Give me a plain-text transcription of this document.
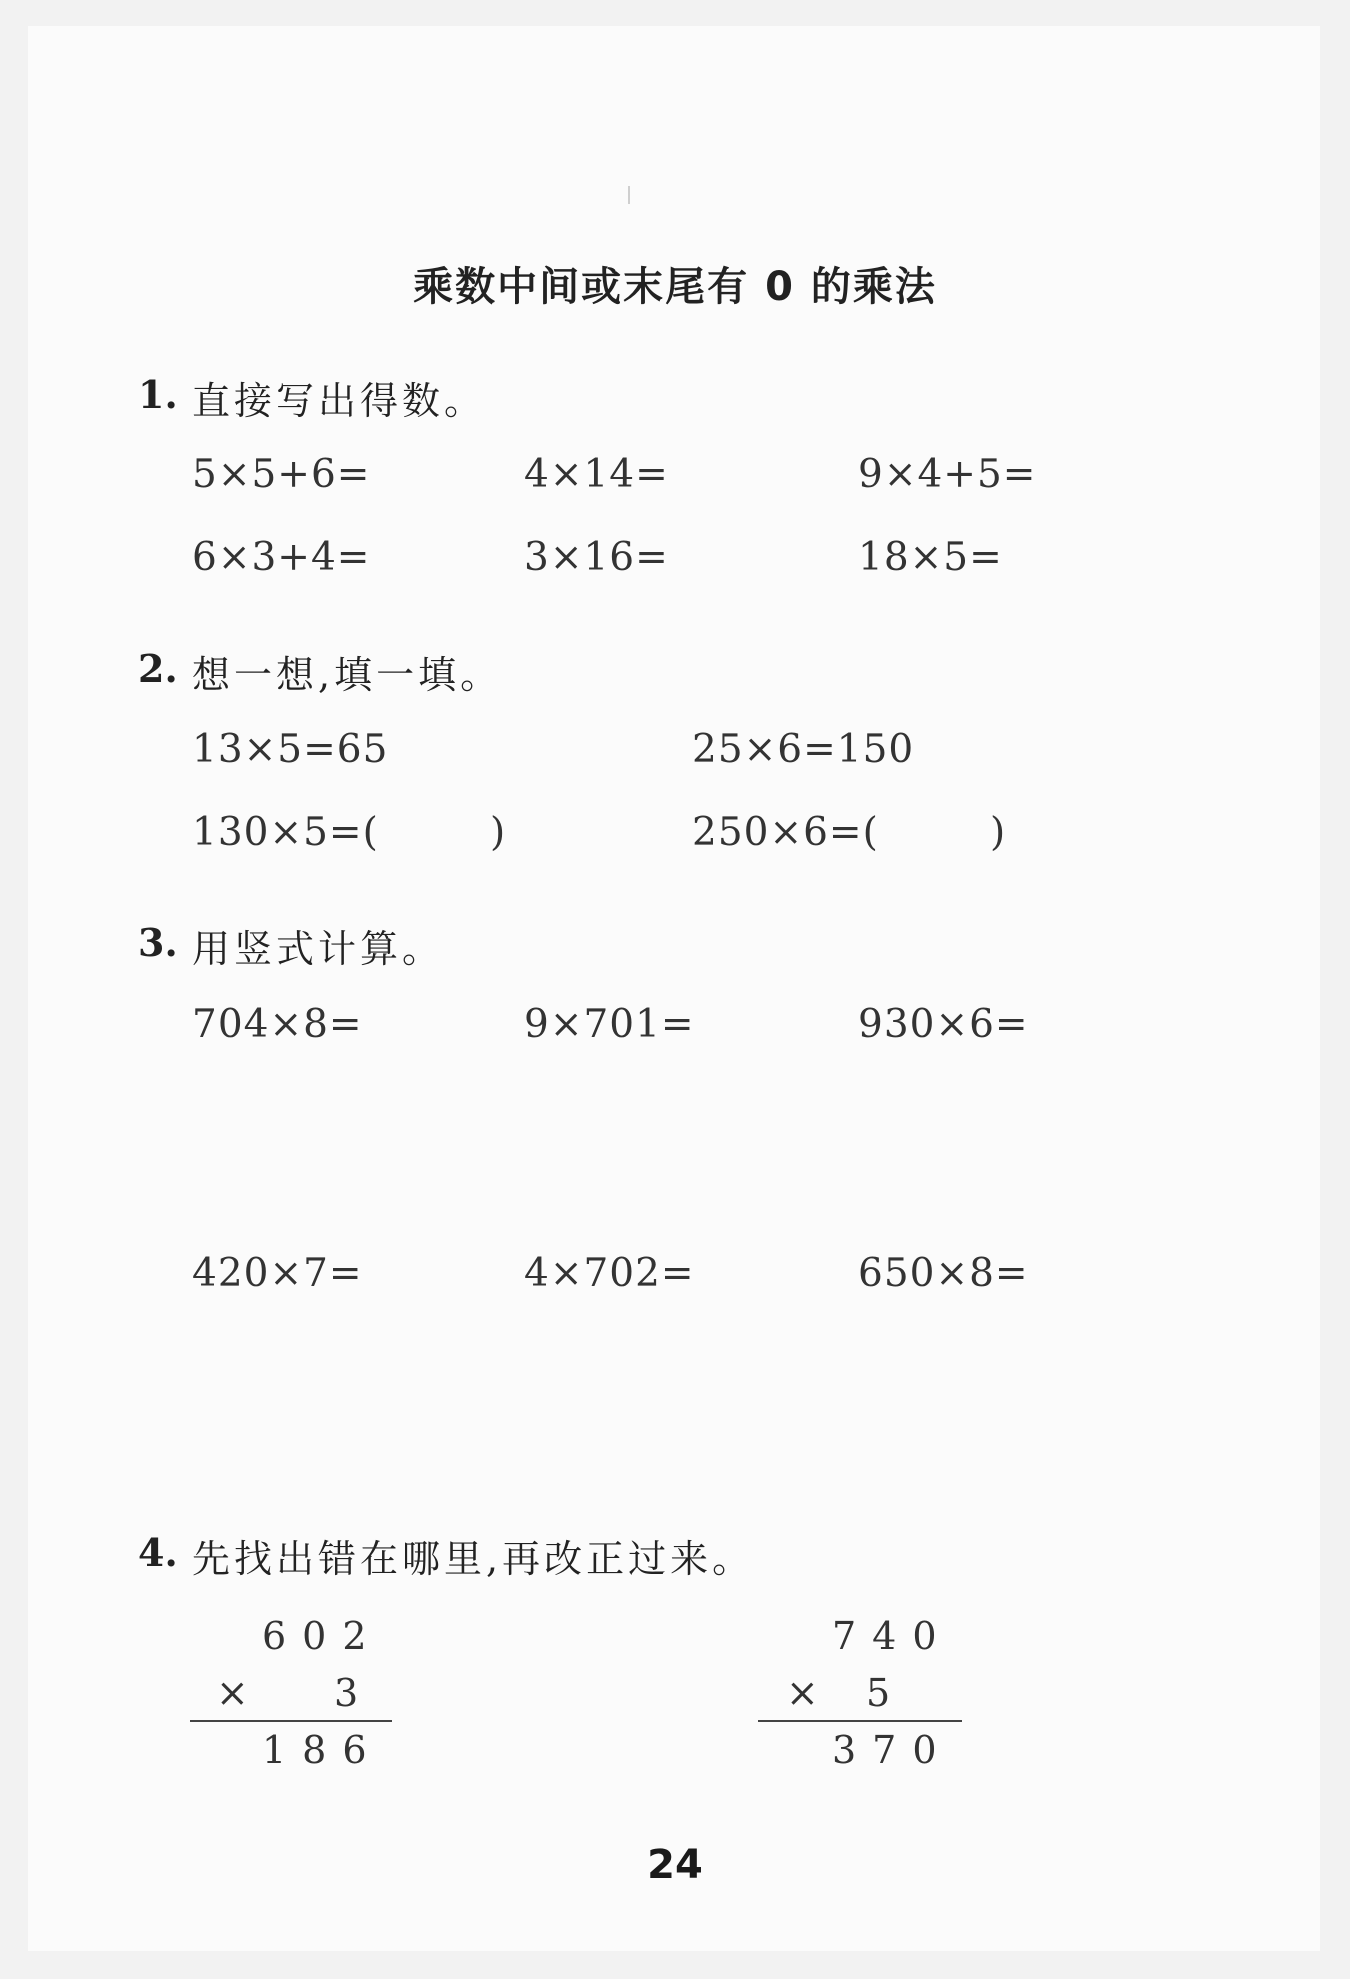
乘数中间或末尾有 0 的乘法
1. 直接写出得数。
5×5+6=	4×14=	9×4+5=
6×3+4=	3×16=	18×5=
2. 想一想,填一填。
13×5=65	25×6=150
130×5=(	)	250×6=(	)
3. 用竖式计算。
704×8=	9×701=	930×6=
420×7=	4×702=	650×8=
4. 先找出错在哪里,再改正过来。
602
× 3
186
740
× 5
370
24
